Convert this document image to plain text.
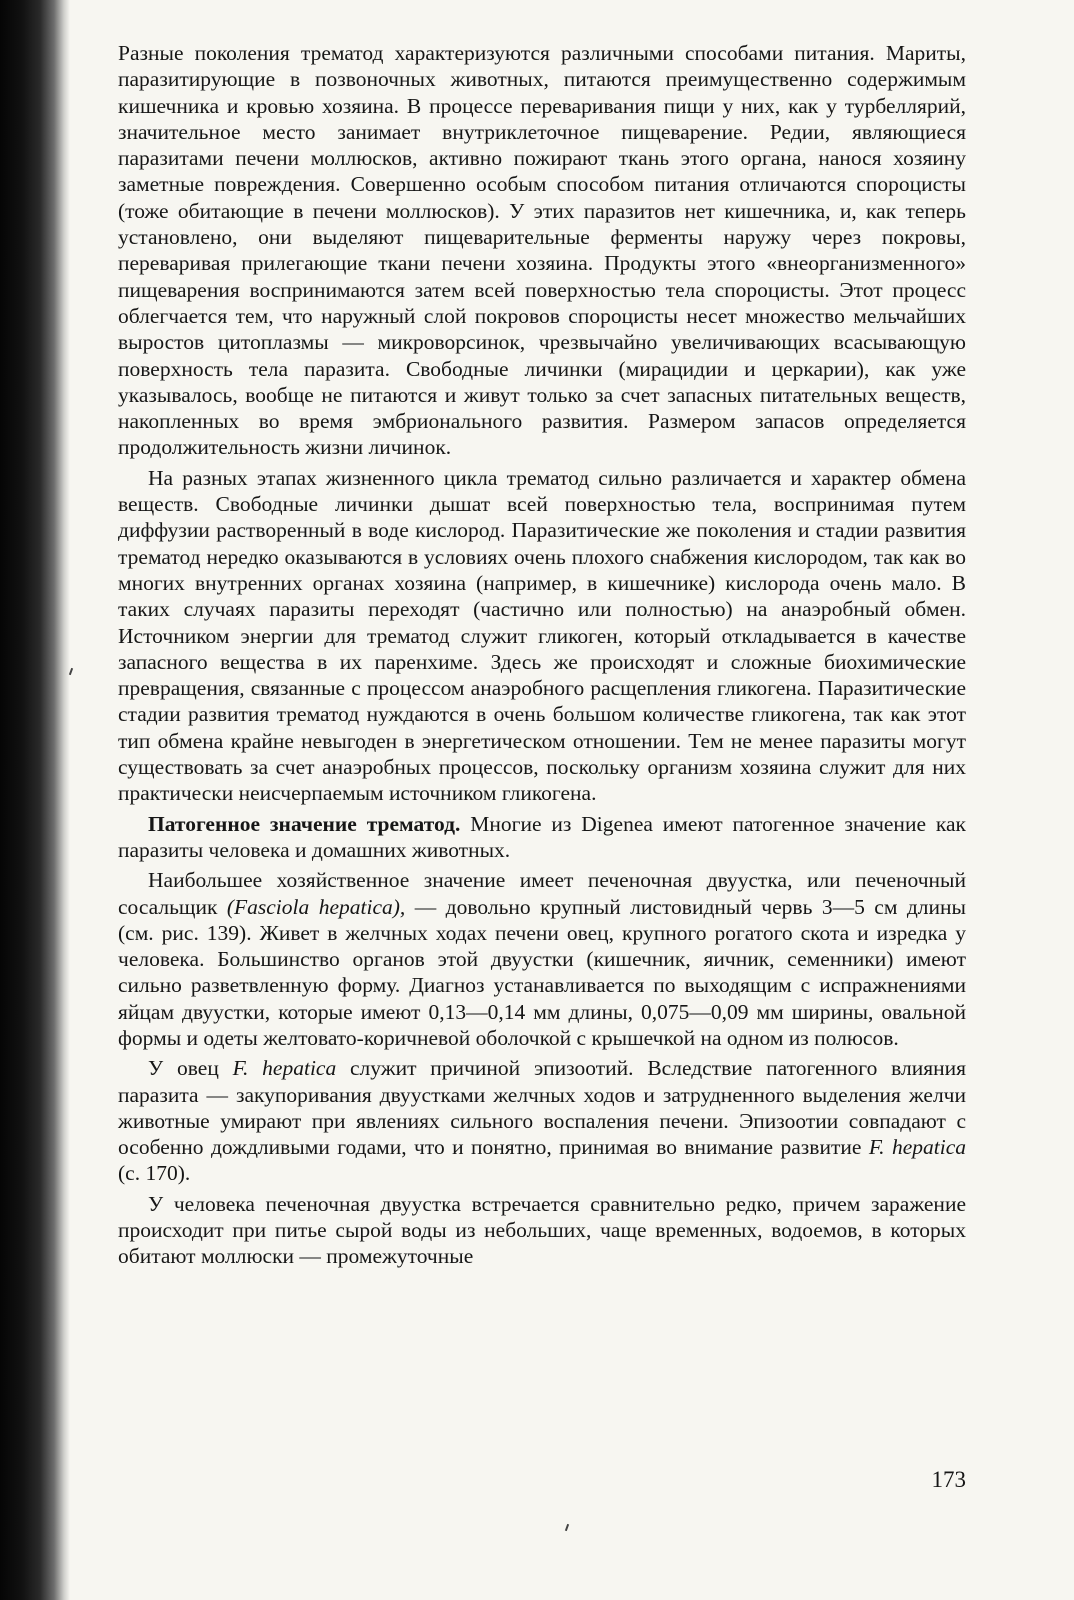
Разные поколения трематод характеризуются различными способами питания. Мариты, паразитирующие в позвоночных животных, питаются преимущественно содержимым кишечника и кровью хозяина. В процессе переваривания пищи у них, как у турбеллярий, значительное место занимает внутриклеточное пищеварение. Редии, являющиеся паразитами печени моллюсков, активно пожирают ткань этого органа, нанося хозяину заметные повреждения. Совершенно особым способом питания отличаются спороцисты (тоже обитающие в печени моллюсков). У этих паразитов нет кишечника, и, как теперь установлено, они выделяют пищеварительные ферменты наружу через покровы, переваривая прилегающие ткани печени хозяина. Продукты этого «внеорганизменного» пищеварения воспринимаются затем всей поверхностью тела спороцисты. Этот процесс облегчается тем, что наружный слой покровов спороцисты несет множество мельчайших выростов цитоплазмы — микроворсинок, чрезвычайно увеличивающих всасывающую поверхность тела паразита. Свободные личинки (мирацидии и церкарии), как уже указывалось, вообще не питаются и живут только за счет запасных питательных веществ, накопленных во время эмбрионального развития. Размером запасов определяется продолжительность жизни личинок.

На разных этапах жизненного цикла трематод сильно различается и характер обмена веществ. Свободные личинки дышат всей поверхностью тела, воспринимая путем диффузии растворенный в воде кислород. Паразитические же поколения и стадии развития трематод нередко оказываются в условиях очень плохого снабжения кислородом, так как во многих внутренних органах хозяина (например, в кишечнике) кислорода очень мало. В таких случаях паразиты переходят (частично или полностью) на анаэробный обмен. Источником энергии для трематод служит гликоген, который откладывается в качестве запасного вещества в их паренхиме. Здесь же происходят и сложные биохимические превращения, связанные с процессом анаэробного расщепления гликогена. Паразитические стадии развития трематод нуждаются в очень большом количестве гликогена, так как этот тип обмена крайне невыгоден в энергетическом отношении. Тем не менее паразиты могут существовать за счет анаэробных процессов, поскольку организм хозяина служит для них практически неисчерпаемым источником гликогена.

Патогенное значение трематод. Многие из Digenea имеют патогенное значение как паразиты человека и домашних животных.

Наибольшее хозяйственное значение имеет печеночная двуустка, или печеночный сосальщик (Fasciola hepatica), — довольно крупный листовидный червь 3—5 см длины (см. рис. 139). Живет в желчных ходах печени овец, крупного рогатого скота и изредка у человека. Большинство органов этой двуустки (кишечник, яичник, семенники) имеют сильно разветвленную форму. Диагноз устанавливается по выходящим с испражнениями яйцам двуустки, которые имеют 0,13—0,14 мм длины, 0,075—0,09 мм ширины, овальной формы и одеты желтовато-коричневой оболочкой с крышечкой на одном из полюсов.

У овец F. hepatica служит причиной эпизоотий. Вследствие патогенного влияния паразита — закупоривания двуустками желчных ходов и затрудненного выделения желчи животные умирают при явлениях сильного воспаления печени. Эпизоотии совпадают с особенно дождливыми годами, что и понятно, принимая во внимание развитие F. hepatica (с. 170).

У человека печеночная двуустка встречается сравнительно редко, причем заражение происходит при питье сырой воды из небольших, чаще временных, водоемов, в которых обитают моллюски — промежуточные

173
